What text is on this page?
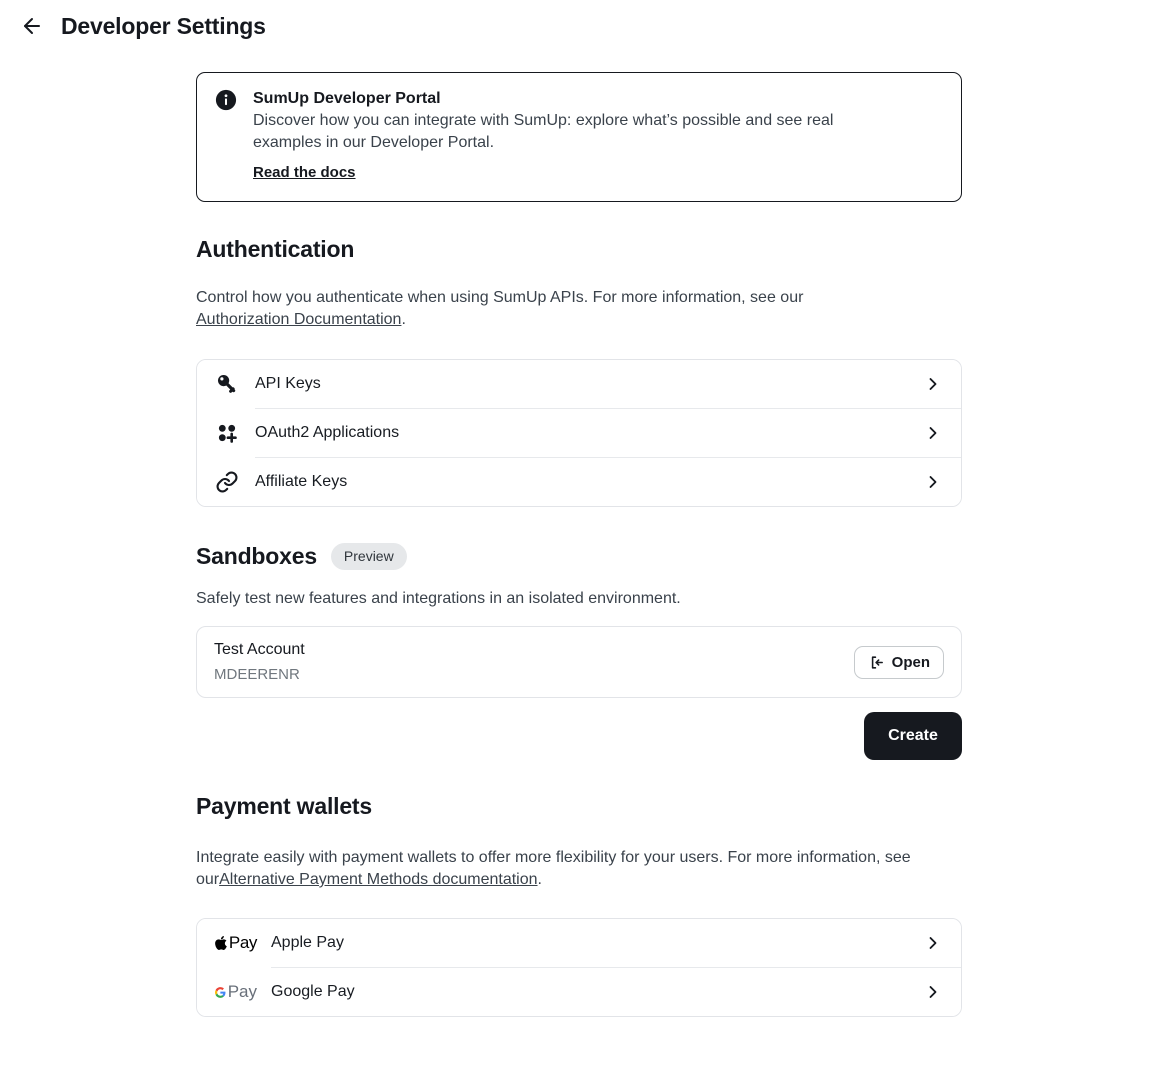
Developer Settings
SumUp Developer Portal

Discover how you can integrate with SumUp: explore what’s possible and see real examples in our Developer Portal.

Read the docs
Authentication

Control how you authenticate when using SumUp APIs. For more information, see our Authorization Documentation.

API Keys
OAuth2 Applications
Affiliate Keys
Sandboxes	Preview

Safely test new features and integrations in an isolated environment.

Test Account
MDEERENR
Open
Create
Payment wallets

Integrate easily with payment wallets to offer more flexibility for your users. For more information, see ourAlternative Payment Methods documentation.

Pay Apple Pay
Pay Google Pay
